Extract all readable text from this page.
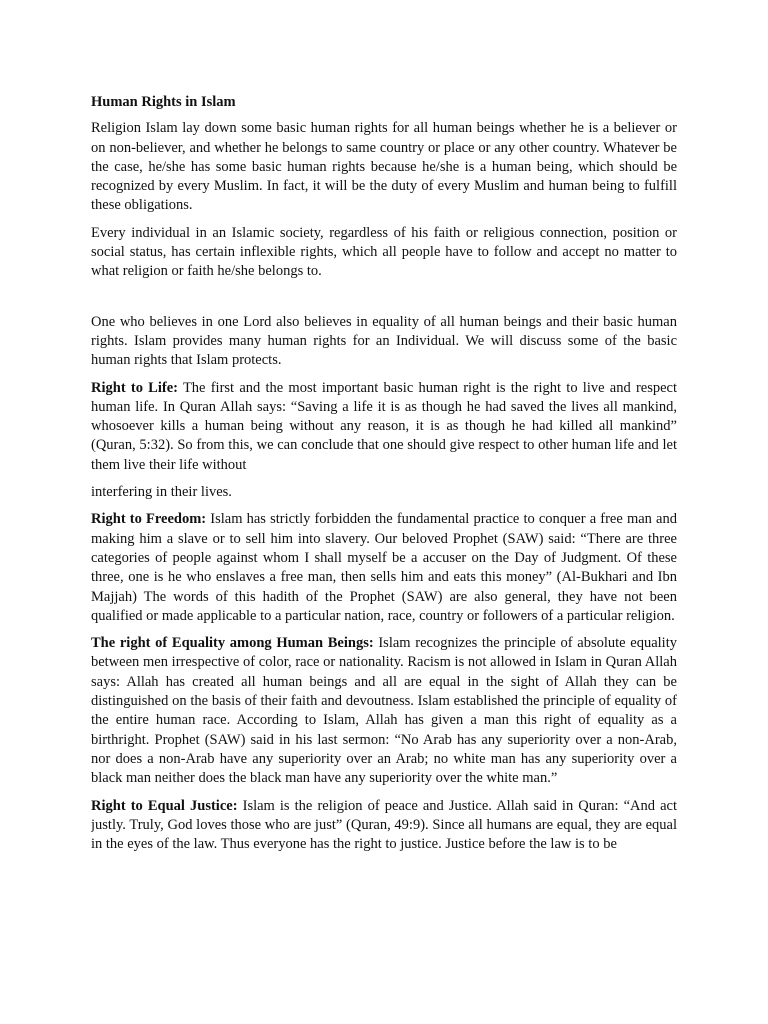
Human Rights in Islam

Religion Islam lay down some basic human rights for all human beings whether he is a believer or on non-believer, and whether he belongs to same country or place or any other country. Whatever be the case, he/she has some basic human rights because he/she is a human being, which should be recognized by every Muslim. In fact, it will be the duty of every Muslim and human being to fulfill these obligations.

Every individual in an Islamic society, regardless of his faith or religious connection, position or social status, has certain inflexible rights, which all people have to follow and accept no matter to what religion or faith he/she belongs to.

One who believes in one Lord also believes in equality of all human beings and their basic human rights. Islam provides many human rights for an Individual. We will discuss some of the basic human rights that Islam protects.

Right to Life: The first and the most important basic human right is the right to live and respect human life. In Quran Allah says: “Saving a life it is as though he had saved the lives all mankind, whosoever kills a human being without any reason, it is as though he had killed all mankind” (Quran, 5:32). So from this, we can conclude that one should give respect to other human life and let them live their life without

interfering in their lives.

Right to Freedom: Islam has strictly forbidden the fundamental practice to conquer a free man and making him a slave or to sell him into slavery. Our beloved Prophet (SAW) said: “There are three categories of people against whom I shall myself be a accuser on the Day of Judgment. Of these three, one is he who enslaves a free man, then sells him and eats this money” (Al-Bukhari and Ibn Majjah) The words of this hadith of the Prophet (SAW) are also general, they have not been qualified or made applicable to a particular nation, race, country or followers of a particular religion.

The right of Equality among Human Beings: Islam recognizes the principle of absolute equality between men irrespective of color, race or nationality. Racism is not allowed in Islam in Quran Allah says: Allah has created all human beings and all are equal in the sight of Allah they can be distinguished on the basis of their faith and devoutness. Islam established the principle of equality of the entire human race. According to Islam, Allah has given a man this right of equality as a birthright. Prophet (SAW) said in his last sermon: “No Arab has any superiority over a non-Arab, nor does a non-Arab have any superiority over an Arab; no white man has any superiority over a black man neither does the black man have any superiority over the white man.”

Right to Equal Justice: Islam is the religion of peace and Justice. Allah said in Quran: “And act justly. Truly, God loves those who are just” (Quran, 49:9). Since all humans are equal, they are equal in the eyes of the law. Thus everyone has the right to justice. Justice before the law is to be
